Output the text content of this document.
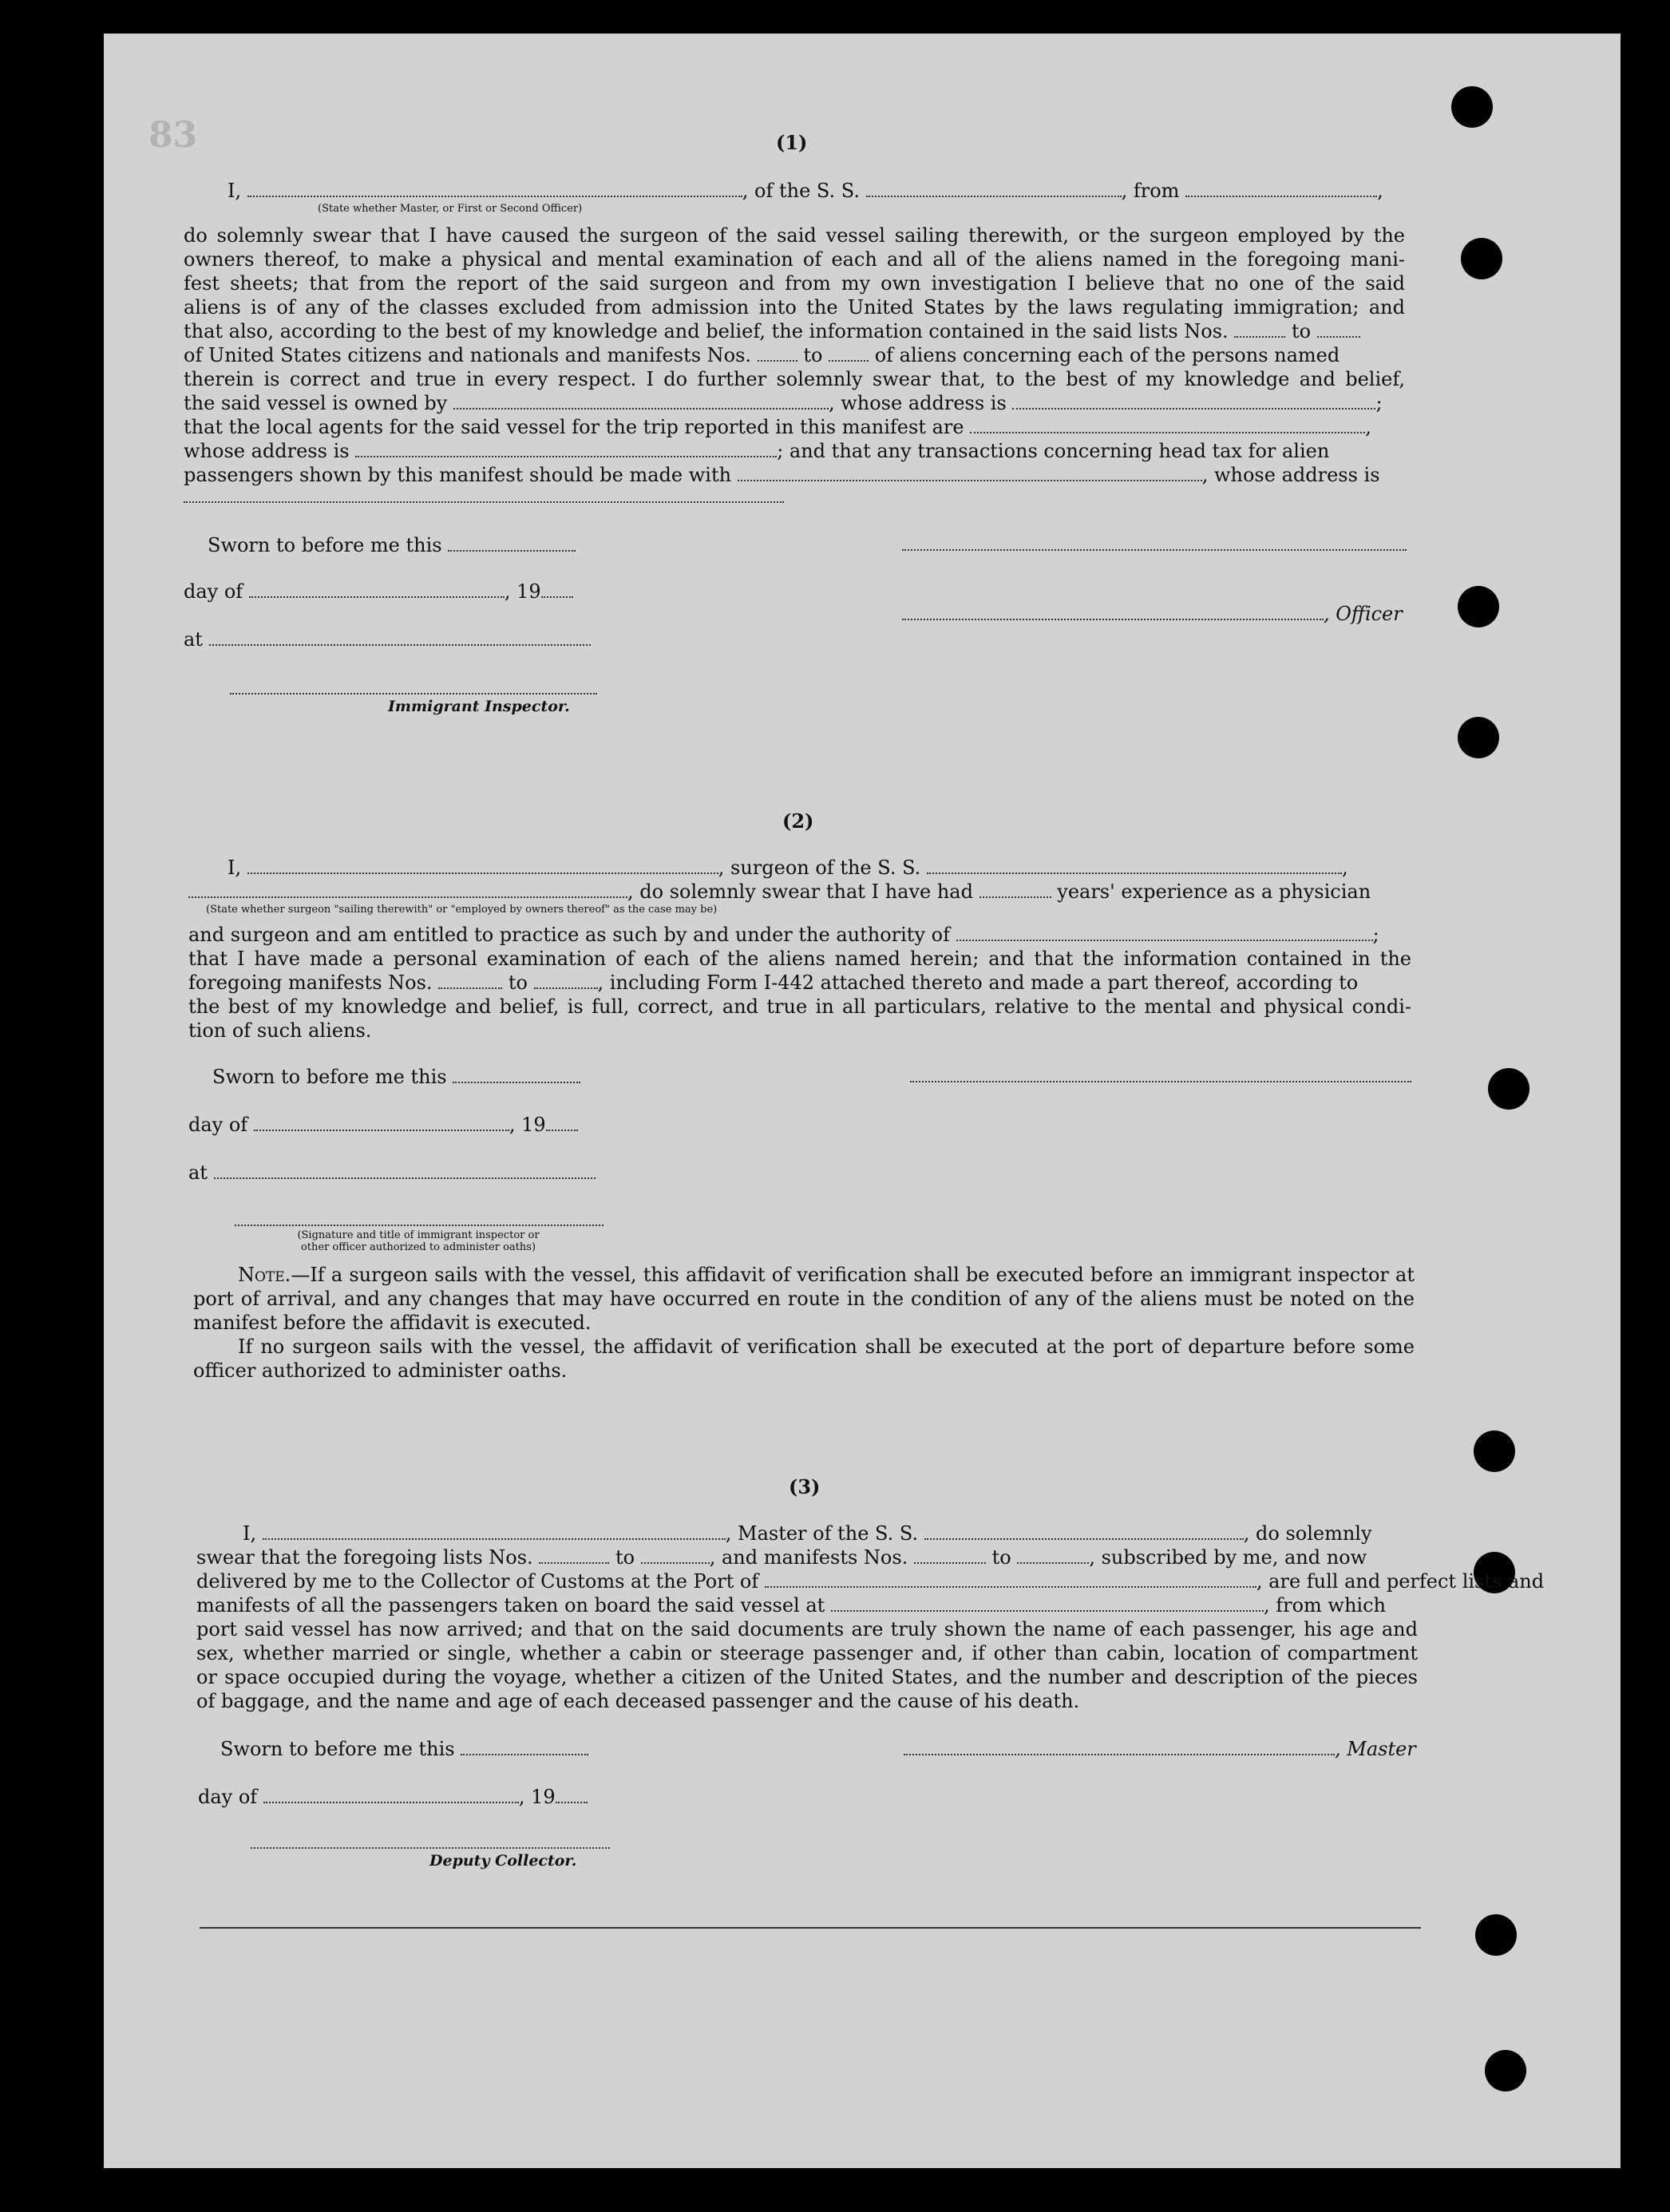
83	(1)
I,	, of the S. S.	, from	,
(State whether Master, or First or Second Officer)
do solemnly swear that I have caused the surgeon of the said vessel sailing therewith, or the surgeon employed by the
owners thereof, to make a physical and mental examination of each and all of the aliens named in the foregoing mani-
fest sheets; that from the report of the said surgeon and from my own investigation I believe that no one of the said
aliens is of any of the classes excluded from admission into the United States by the laws regulating immigration; and
that also, according to the best of my knowledge and belief, the information contained in the said lists Nos.	to
of United States citizens and nationals and manifests Nos.	to	of aliens concerning each of the persons named
therein is correct and true in every respect. I do further solemnly swear that, to the best of my knowledge and belief,
the said vessel is owned by	, whose address is	;
that the local agents for the said vessel for the trip reported in this manifest are	,
whose address is	; and that any transactions concerning head tax for alien
passengers shown by this manifest should be made with	, whose address is
Sworn to before me this
day of	, 19
, Officer
at
Immigrant Inspector.
(2)
I,	, surgeon of the S. S.	,
, do solemnly swear that I have had	years' experience as a physician
(State whether surgeon "sailing therewith" or "employed by owners thereof" as the case may be)
and surgeon and am entitled to practice as such by and under the authority of	;
that I have made a personal examination of each of the aliens named herein; and that the information contained in the
foregoing manifests Nos.	to	, including Form I-442 attached thereto and made a part thereof, according to
the best of my knowledge and belief, is full, correct, and true in all particulars, relative to the mental and physical condi-
tion of such aliens.
Sworn to before me this
day of	, 19
at
(Signature and title of immigrant inspector or
other officer authorized to administer oaths)

Note.—If a surgeon sails with the vessel, this affidavit of verification shall be executed before an immigrant inspector at port of arrival, and any changes that may have occurred en route in the condition of any of the aliens must be noted on the manifest before the affidavit is executed.

If no surgeon sails with the vessel, the affidavit of verification shall be executed at the port of departure before some officer authorized to administer oaths.

(3)
I,	, Master of the S. S.	, do solemnly
swear that the foregoing lists Nos.	to	, and manifests Nos.	to	, subscribed by me, and now
delivered by me to the Collector of Customs at the Port of	, are full and perfect lists and
manifests of all the passengers taken on board the said vessel at	, from which
port said vessel has now arrived; and that on the said documents are truly shown the name of each passenger, his age and
sex, whether married or single, whether a cabin or steerage passenger and, if other than cabin, location of compartment
or space occupied during the voyage, whether a citizen of the United States, and the number and description of the pieces
of baggage, and the name and age of each deceased passenger and the cause of his death.
Sworn to before me this	, Master
day of	, 19
Deputy Collector.
